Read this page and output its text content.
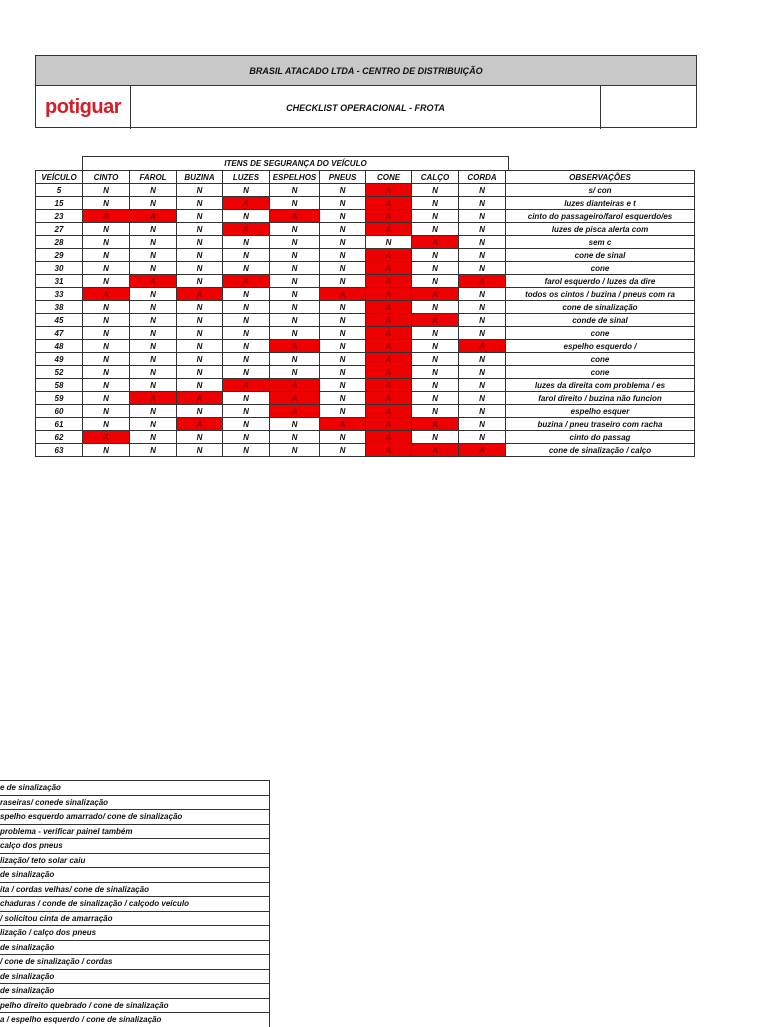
BRASIL ATACADO LTDA - CENTRO DE DISTRIBUIÇÃO
potiguar	CHECKLIST OPERACIONAL - FROTA
ITENS DE SEGURANÇA DO VEÍCULO
VEÍCULO	CINTO	FAROL	BUZINA	LUZES	ESPELHOS	PNEUS	CONE	CALÇO	CORDA	OBSERVAÇÕES
5	N	N	N	N	N	N	A	N	N	s/ con
15	N	N	N	A	N	N	A	N	N	luzes dianteiras e t
23	A	A	N	N	A	N	A	N	N	cinto do passageiro/farol esquerdo/es
27	N	N	N	A	N	N	A	N	N	luzes de pisca alerta com
28	N	N	N	N	N	N	N	A	N	sem c
29	N	N	N	N	N	N	A	N	N	cone de sinal
30	N	N	N	N	N	N	A	N	N	cone
31	N	A	N	A	N	N	A	N	A	farol esquerdo / luzes da dire
33	A	N	A	N	N	A	A	A	N	todos os cintos / buzina / pneus com ra
38	N	N	N	N	N	N	A	N	N	cone de sinalização
45	N	N	N	N	N	N	A	A	N	conde de sinal
47	N	N	N	N	N	N	A	N	N	cone
48	N	N	N	N	A	N	A	N	A	espelho esquerdo /
49	N	N	N	N	N	N	A	N	N	cone
52	N	N	N	N	N	N	A	N	N	cone
58	N	N	N	A	A	N	A	N	N	luzes da direita com problema / es
59	N	A	A	N	A	N	A	N	N	farol direito / buzina não funcion
60	N	N	N	N	A	N	A	N	N	espelho esquer
61	N	N	A	N	N	A	A	A	N	buzina / pneu traseiro com racha
62	A	N	N	N	N	N	A	N	N	cinto do passag
63	N	N	N	N	N	N	A	A	A	cone de sinalização / calço
e de sinalização
raseiras/ conede sinalização
spelho esquerdo amarrado/ cone de sinalização
problema - verificar painel também
calço dos pneus
lização/ teto solar caiu
de sinalização
ita / cordas velhas/ cone de sinalização
chaduras / conde de sinalização / calçodo veículo
/ solicitou cinta de amarração
lização / calço dos pneus
de sinalização
/ cone de sinalização / cordas
de sinalização
de sinalização
pelho direito quebrado / cone de sinalização
a / espelho esquerdo / cone de sinalização
